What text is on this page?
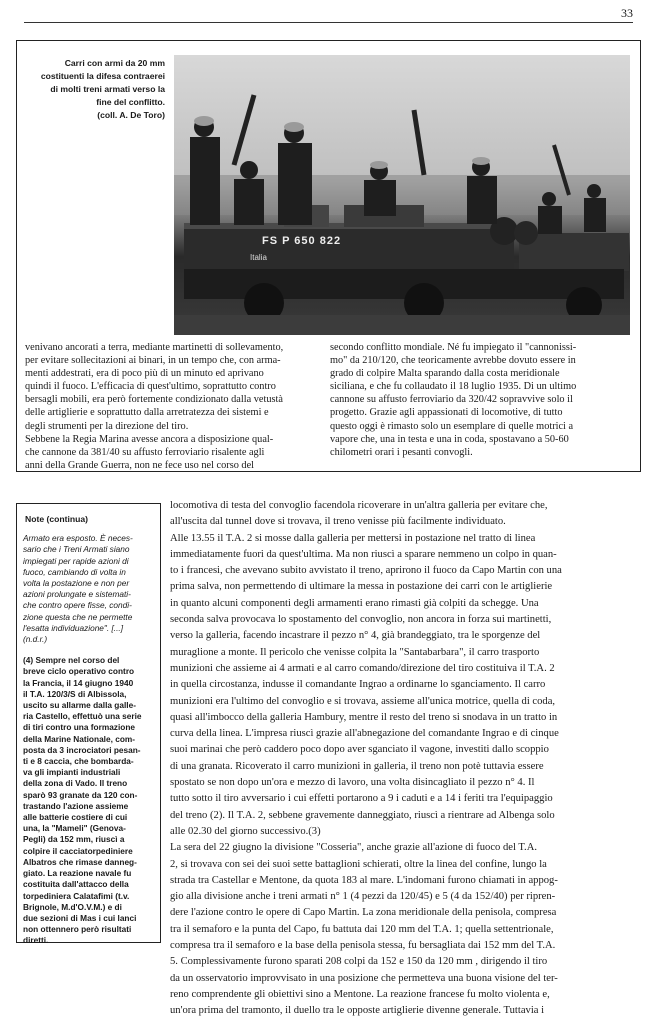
33
Carri con armi da 20 mm
costituenti la difesa contraerei
di molti treni armati verso la
fine del conflitto.
(coll. A. De Toro)
FS P 650 822
Italia
venivano ancorati a terra, mediante martinetti di sollevamento,
per evitare sollecitazioni ai binari, in un tempo che, con arma-
menti addestrati, era di poco più di un minuto ed aprivano
quindi il fuoco. L'efficacia di quest'ultimo, soprattutto contro
bersagli mobili, era però fortemente condizionato dalla vetustà
delle artiglierie e soprattutto dalla arretratezza dei sistemi e
degli strumenti per la direzione del tiro.
Sebbene la Regia Marina avesse ancora a disposizione qual-
che cannone da 381/40 su affusto ferroviario risalente agli
anni della Grande Guerra, non ne fece uso nel corso del
secondo conflitto mondiale. Né fu impiegato il "cannonissi-
mo" da 210/120, che teoricamente avrebbe dovuto essere in
grado di colpire Malta sparando dalla costa meridionale
siciliana, e che fu collaudato il 18 luglio 1935. Di un ultimo
cannone su affusto ferroviario da 320/42 sopravvive solo il
progetto. Grazie agli appassionati di locomotive, di tutto
questo oggi è rimasto solo un esemplare di quelle motrici a
vapore che, una in testa e una in coda, spostavano a 50-60
chilometri orari i pesanti convogli.
Note (continua)
Armato era esposto. È neces-
sario che i Treni Armati siano
impiegati per rapide azioni di
fuoco, cambiando di volta in
volta la postazione e non per
azioni prolungate e sistemati-
che contro opere fisse, condi-
zione questa che ne permette
l'esatta individuazione". [...]
(n.d.r.)
(4) Sempre nel corso del
breve ciclo operativo contro
la Francia, il 14 giugno 1940
il T.A. 120/3/S di Albissola,
uscito su allarme dalla galle-
ria Castello, effettuò una serie
di tiri contro una formazione
della Marine Nationale, com-
posta da 3 incrociatori pesan-
ti e 8 caccia, che bombarda-
va gli impianti industriali
della zona di Vado. Il treno
sparò 93 granate da 120 con-
trastando l'azione assieme
alle batterie costiere di cui
una, la "Mameli" (Genova-
Pegli) da 152 mm, riuscì a
colpire il cacciatorpediniere
Albatros che rimase danneg-
giato. La reazione navale fu
costituita dall'attacco della
torpediniera Calatafimi (t.v.
Brignole, M.d'O.V.M.) e di
due sezioni di Mas i cui lanci
non ottennero però risultati
diretti.
locomotiva di testa del convoglio facendola ricoverare in un'altra galleria per evitare che,
all'uscita dal tunnel dove si trovava, il treno venisse più facilmente individuato.
Alle 13.55 il T.A. 2 si mosse dalla galleria per mettersi in postazione nel tratto di linea
immediatamente fuori da quest'ultima. Ma non riuscì a sparare nemmeno un colpo in quan-
to i francesi, che avevano subito avvistato il treno, aprirono il fuoco da Capo Martin con una
prima salva, non permettendo di ultimare la messa in postazione dei carri con le artiglierie
in quanto alcuni componenti degli armamenti erano rimasti già colpiti da schegge. Una
seconda salva provocava lo spostamento del convoglio, non ancora in forza sui martinetti,
verso la galleria, facendo incastrare il pezzo n° 4, già brandeggiato, tra le sporgenze del
muraglione a monte. Il pericolo che venisse colpita la "Santabarbara", il carro trasporto
munizioni che assieme ai 4 armati e al carro comando/direzione del tiro costituiva il T.A. 2
in quella circostanza, indusse il comandante Ingrao a ordinarne lo sganciamento. Il carro
munizioni era l'ultimo del convoglio e si trovava, assieme all'unica motrice, quella di coda,
quasi all'imbocco della galleria Hambury, mentre il resto del treno si snodava in un tratto in
curva della linea. L'impresa riuscì grazie all'abnegazione del comandante Ingrao e di cinque
suoi marinai che però caddero poco dopo aver sganciato il vagone, investiti dallo scoppio
di una granata. Ricoverato il carro munizioni in galleria, il treno non potè tuttavia essere
spostato se non dopo un'ora e mezzo di lavoro, una volta disincagliato il pezzo n° 4. Il
tutto sotto il tiro avversario i cui effetti portarono a 9 i caduti e a 14 i feriti tra l'equipaggio
del treno (2). Il T.A. 2, sebbene gravemente danneggiato, riuscì a rientrare ad Albenga solo
alle 02.30 del giorno successivo.(3)
La sera del 22 giugno la divisione "Cosseria", anche grazie all'azione di fuoco del T.A.
2, si trovava con sei dei suoi sette battaglioni schierati, oltre la linea del confine, lungo la
strada tra Castellar e Mentone, da quota 183 al mare. L'indomani furono chiamati in appog-
gio alla divisione anche i treni armati n° 1 (4 pezzi da 120/45) e 5 (4 da 152/40) per ripren-
dere l'azione contro le opere di Capo Martin. La zona meridionale della penisola, compresa
tra il semaforo e la punta del Capo, fu battuta dai 120 mm del T.A. 1; quella settentrionale,
compresa tra il semaforo e la base della penisola stessa, fu bersagliata dai 152 mm del T.A.
5. Complessivamente furono sparati 208 colpi da 152 e 150 da 120 mm , dirigendo il tiro
da un osservatorio improvvisato in una posizione che permetteva una buona visione del ter-
reno comprendente gli obiettivi sino a Mentone. La reazione francese fu molto violenta e,
un'ora prima del tramonto, il duello tra le opposte artiglierie divenne generale. Tuttavia i
